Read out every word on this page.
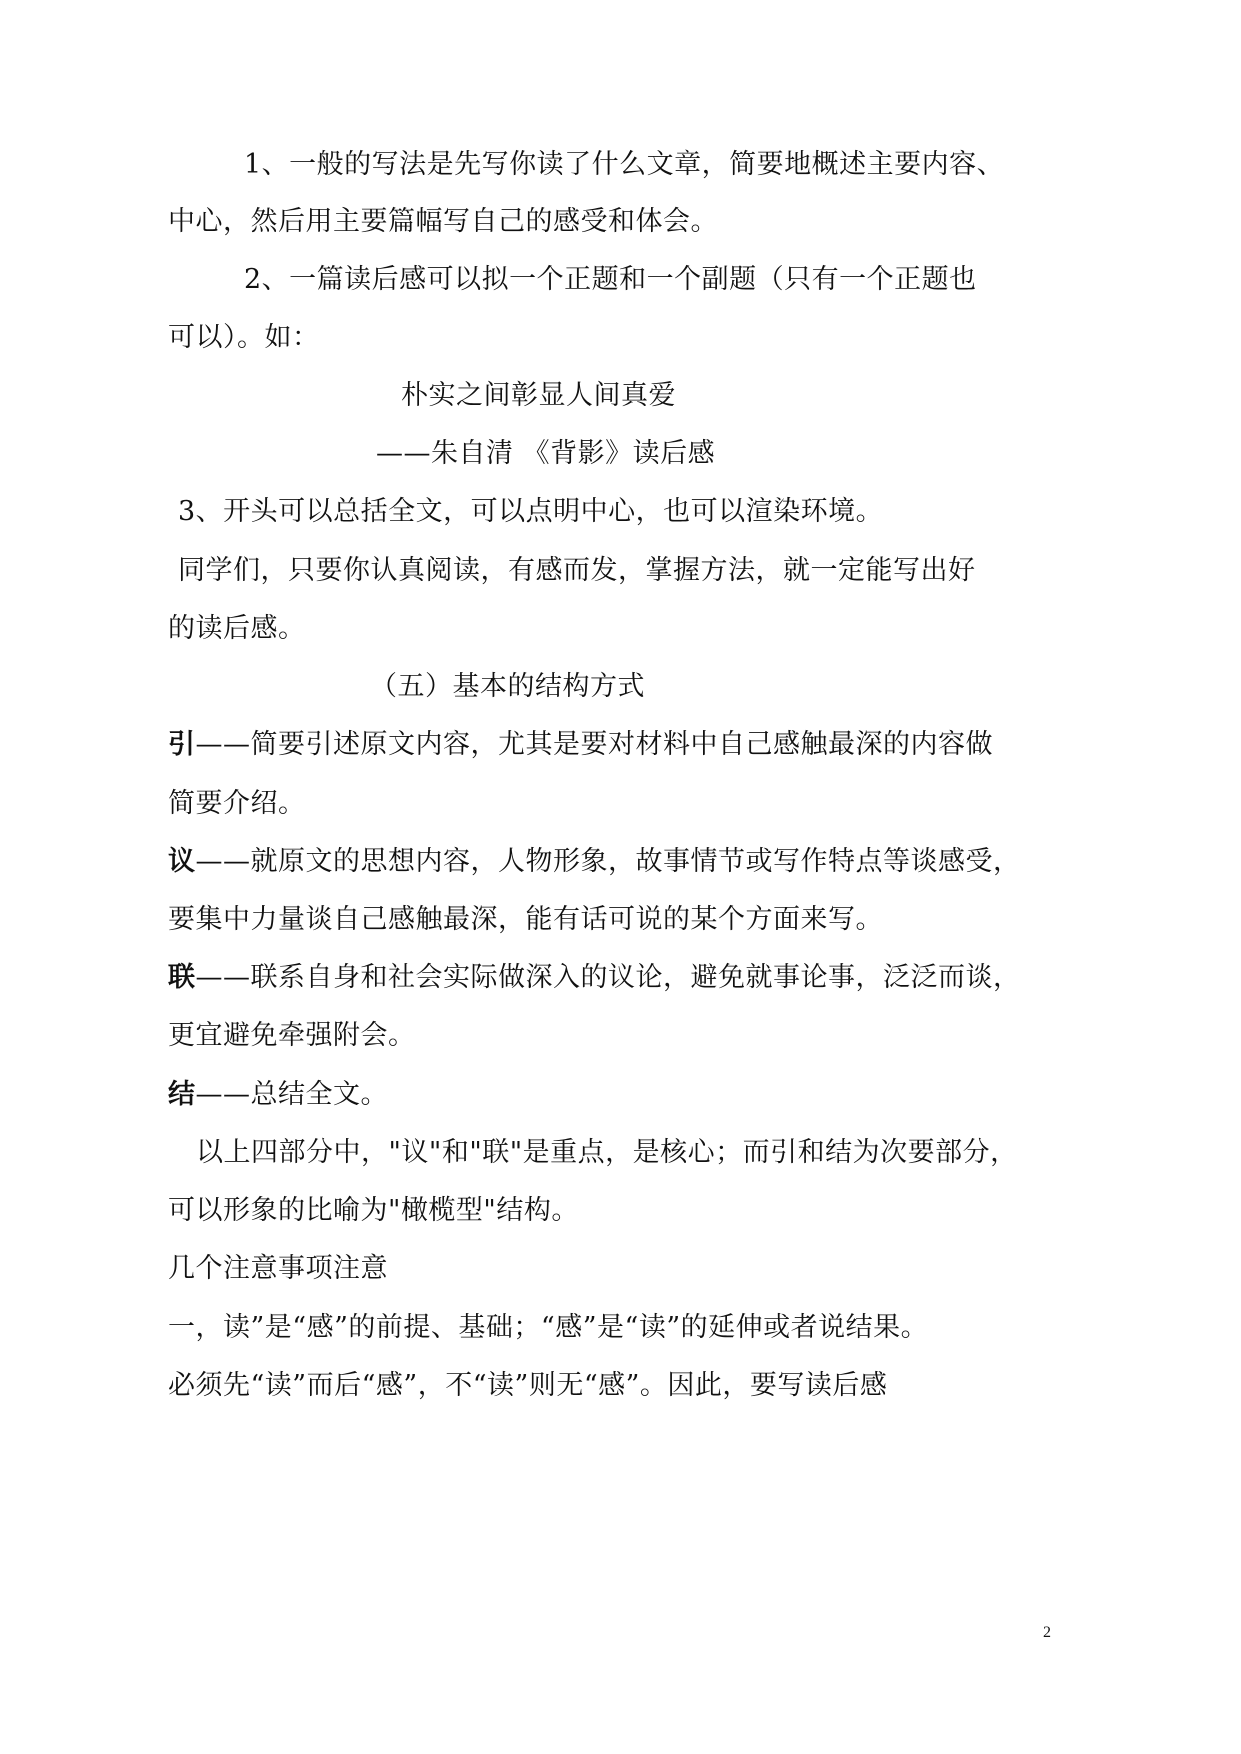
1、一般的写法是先写你读了什么文章，简要地概述主要内容、
中心，然后用主要篇幅写自己的感受和体会。
2、一篇读后感可以拟一个正题和一个副题（只有一个正题也
可以）。如：
朴实之间彰显人间真爱
——朱自清 《背影》读后感
3、开头可以总括全文，可以点明中心，也可以渲染环境。
同学们，只要你认真阅读，有感而发，掌握方法，就一定能写出好
的读后感。
（五）基本的结构方式
引——简要引述原文内容，尤其是要对材料中自己感触最深的内容做
简要介绍。
议——就原文的思想内容，人物形象，故事情节或写作特点等谈感受，
要集中力量谈自己感触最深，能有话可说的某个方面来写。
联——联系自身和社会实际做深入的议论，避免就事论事，泛泛而谈，
更宜避免牵强附会。
结——总结全文。
以上四部分中，"议"和"联"是重点，是核心；而引和结为次要部分，
可以形象的比喻为"橄榄型"结构。
几个注意事项注意
一，读”是“感”的前提、基础；“感”是“读”的延伸或者说结果。
必须先“读”而后“感”，不“读”则无“感”。因此，要写读后感
2
